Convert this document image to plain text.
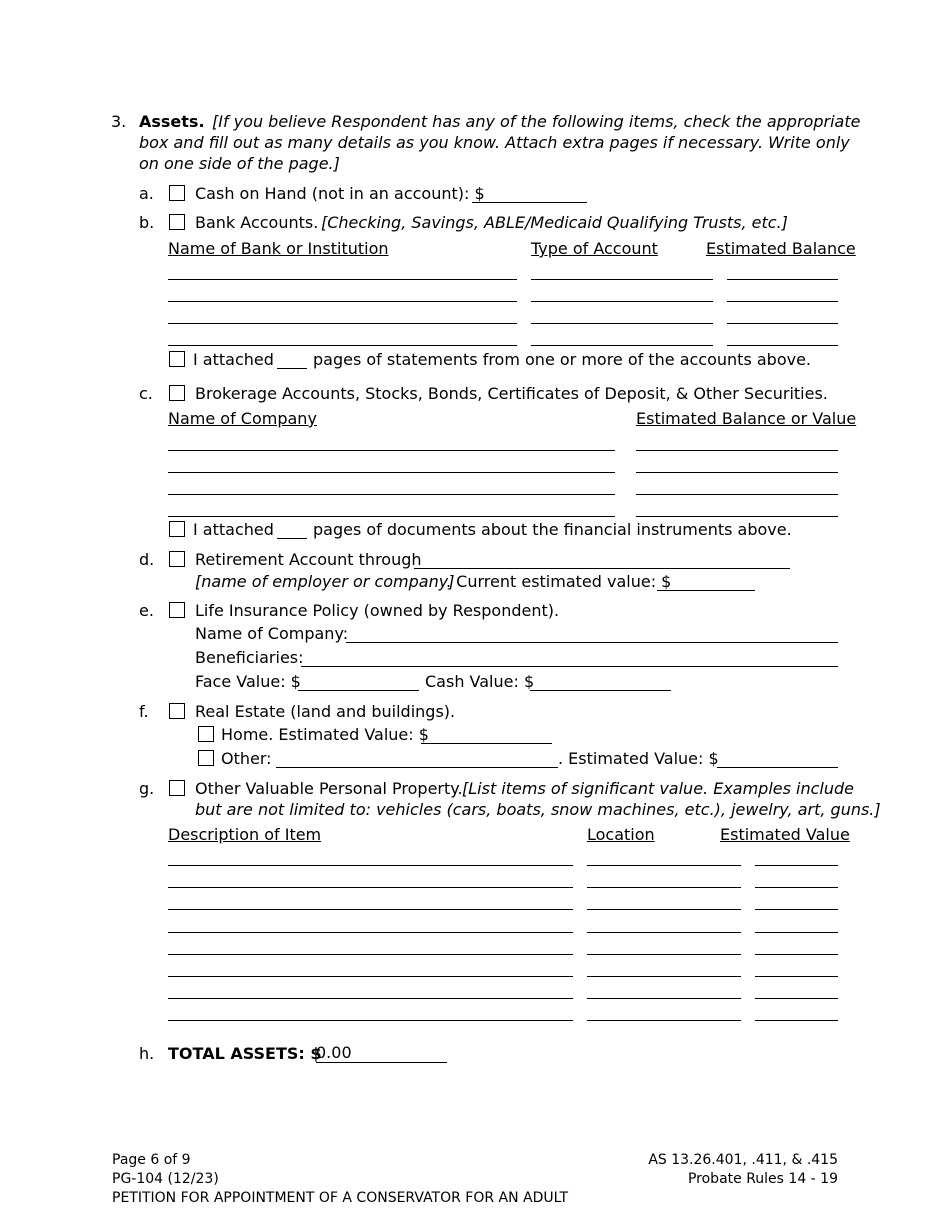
3. Assets. [If you believe Respondent has any of the following items, check the appropriate
box and fill out as many details as you know. Attach extra pages if necessary. Write only
on one side of the page.]
a.	Cash on Hand (not in an account): $
b.	Bank Accounts. [Checking, Savings, ABLE/Medicaid Qualifying Trusts, etc.]
Name of Bank or Institution	Type of Account	Estimated Balance
I attached pages of statements from one or more of the accounts above.
c.	Brokerage Accounts, Stocks, Bonds, Certificates of Deposit, & Other Securities.
Name of Company	Estimated Balance or Value
I attached pages of documents about the financial instruments above.
d.	Retirement Account through
[name of employer or company]
. Current estimated value: $
e.	Life Insurance Policy (owned by Respondent).
Name of Company:
Beneficiaries:
Face Value: $	Cash Value: $
f.	Real Estate (land and buildings).
Home. Estimated Value: $
Other:	. Estimated Value: $
g.	Other Valuable Personal Property. [List items of significant value. Examples include
but are not limited to: vehicles (cars, boats, snow machines, etc.), jewelry, art, guns.]
Description of Item	Location	Estimated Value
h. TOTAL ASSETS: $
0.00
Page 6 of 9
PG-104 (12/23)
PETITION FOR APPOINTMENT OF A CONSERVATOR FOR AN ADULT
AS 13.26.401, .411, & .415
Probate Rules 14 - 19
